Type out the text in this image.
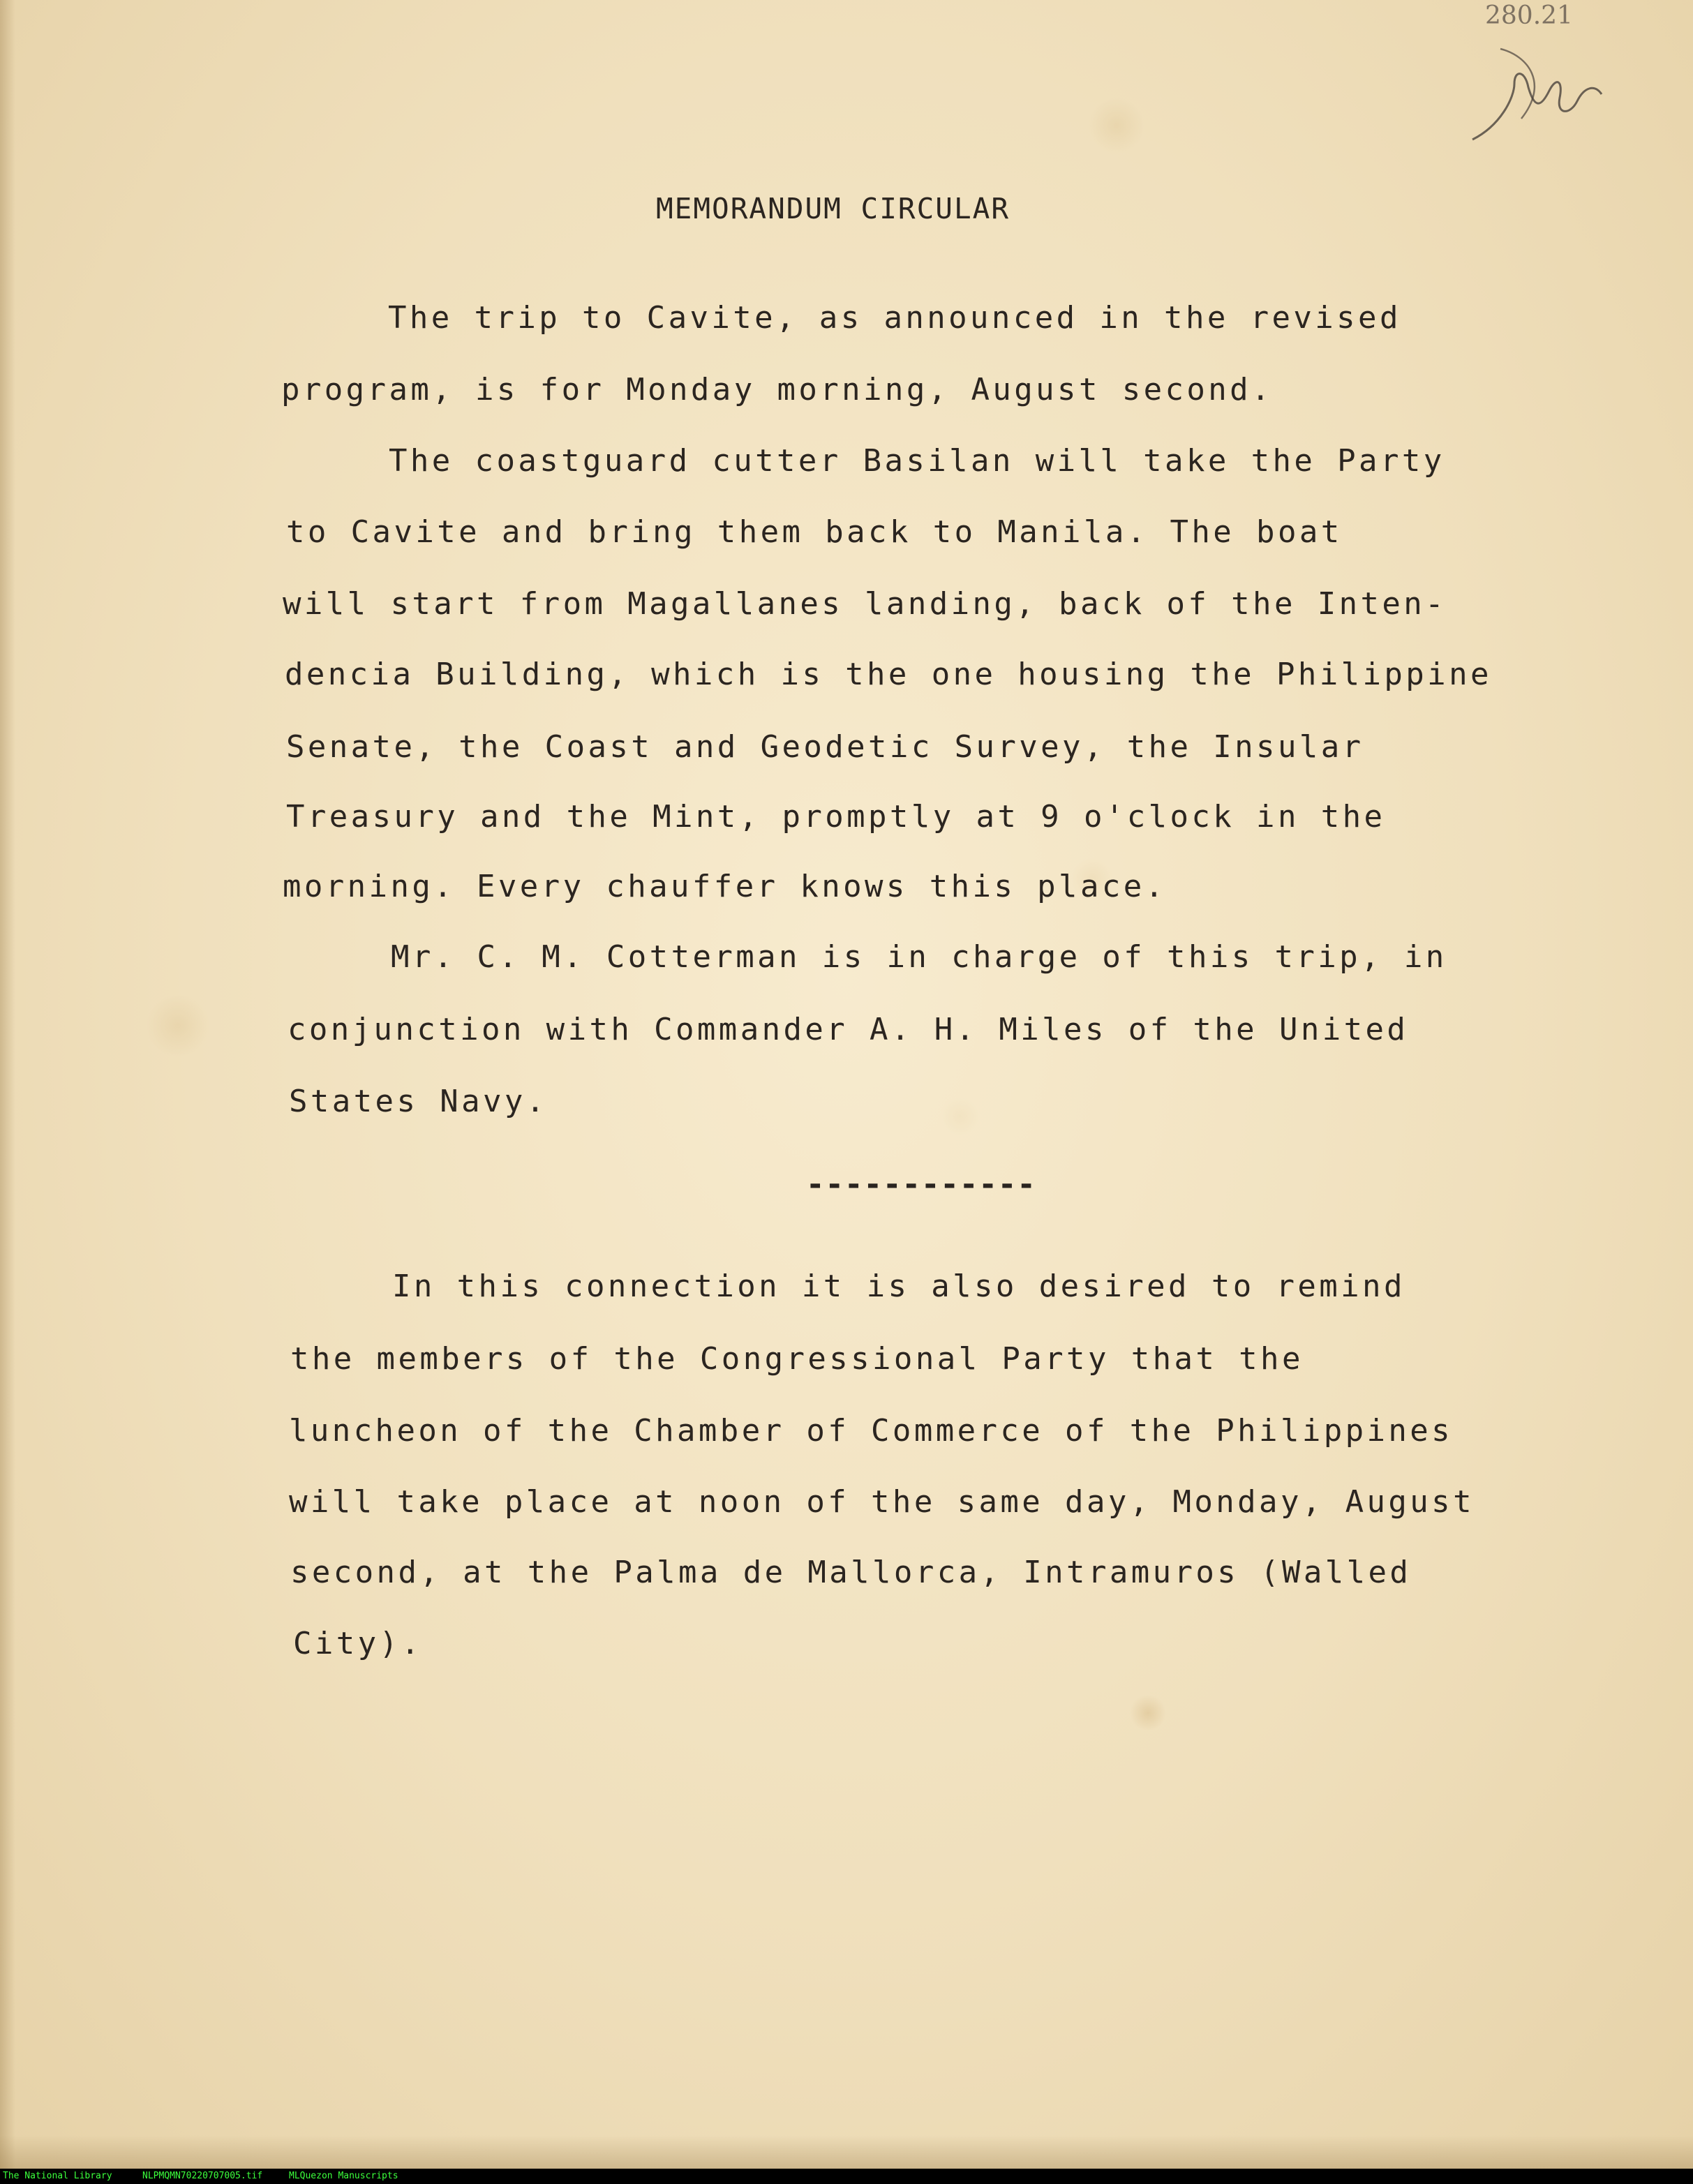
280.21
MEMORANDUM CIRCULAR
The trip to Cavite, as announced in the revised
program, is for Monday morning, August second.
The coastguard cutter Basilan will take the Party
to Cavite and bring them back to Manila. The boat
will start from Magallanes landing, back of the Inten-
dencia Building, which is the one housing the Philippine
Senate, the Coast and Geodetic Survey, the Insular
Treasury and the Mint, promptly at 9 o'clock in the
morning. Every chauffer knows this place.
Mr. C. M. Cotterman is in charge of this trip, in
conjunction with Commander A. H. Miles of the United
States Navy.
------------
In this connection it is also desired to remind
the members of the Congressional Party that the
luncheon of the Chamber of Commerce of the Philippines
will take place at noon of the same day, Monday, August
second, at the Palma de Mallorca, Intramuros (Walled
City).
The National Library	NLPMQMN70220707005.tif	MLQuezon Manuscripts
